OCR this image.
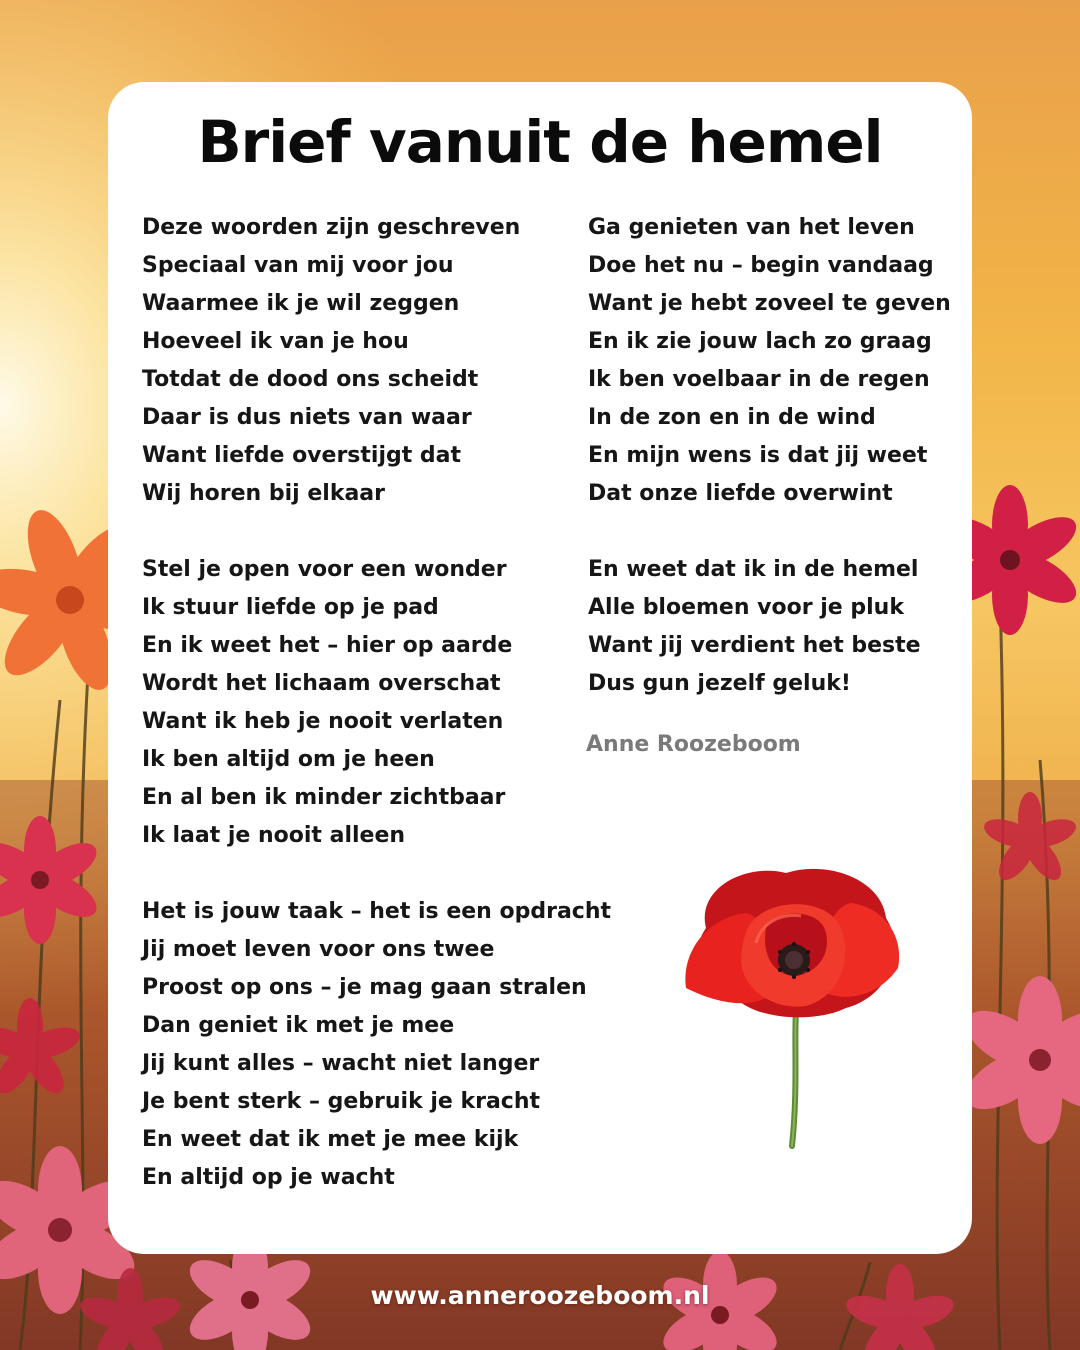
Brief vanuit de hemel
Deze woorden zijn geschreven
Speciaal van mij voor jou
Waarmee ik je wil zeggen
Hoeveel ik van je hou
Totdat de dood ons scheidt
Daar is dus niets van waar
Want liefde overstijgt dat
Wij horen bij elkaar
Stel je open voor een wonder
Ik stuur liefde op je pad
En ik weet het – hier op aarde
Wordt het lichaam overschat
Want ik heb je nooit verlaten
Ik ben altijd om je heen
En al ben ik minder zichtbaar
Ik laat je nooit alleen
Het is jouw taak – het is een opdracht
Jij moet leven voor ons twee
Proost op ons – je mag gaan stralen
Dan geniet ik met je mee
Jij kunt alles – wacht niet langer
Je bent sterk – gebruik je kracht
En weet dat ik met je mee kijk
En altijd op je wacht
Ga genieten van het leven
Doe het nu – begin vandaag
Want je hebt zoveel te geven
En ik zie jouw lach zo graag
Ik ben voelbaar in de regen
In de zon en in de wind
En mijn wens is dat jij weet
Dat onze liefde overwint
En weet dat ik in de hemel
Alle bloemen voor je pluk
Want jij verdient het beste
Dus gun jezelf geluk!

Anne Roozeboom

www.anneroozeboom.nl
